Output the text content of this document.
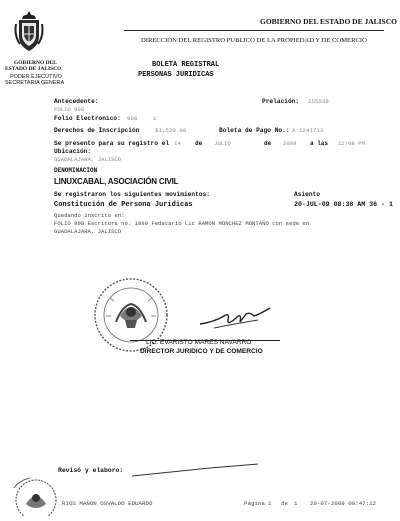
GOBIERNO DEL
ESTADO DE JALISCO
PODER EJECUTIVO
SECRETARIA GENERA
GOBIERNO DEL ESTADO DE JALISCO
DIRECCION DEL REGISTRO PUBLICO DE LA PROPIEDAD Y DE COMERCIO
BOLETA REGISTRAL
PERSONAS JURIDICAS
Antecedente:	Prelación: 255538
FOLIO 998
Folio Electronico: 998	1
Derechos de Inscripción	$1,520.00	Boleta de Pago No.: A 1241713
Se presento para su registro el 14 de JULIO	de 2009 a las 12:08 PM
Ubicación:
GUADALAJARA, JALISCO
DENOMINACION
LINUXCABAL, ASOCIACIÓN CIVIL
Se registraron los siguientes movimientos:	Asiento
Constitución de Persona Juridicas	20-JUL-09 08:38 AM 36 - 1
Quedando inscrito en:
FOLIO 998 Escritura no. 1999 Fedatario Lic RAMON MONCHEZ MONTAÑO con sede en
GUADALAJARA, JALISCO
LIC. EVARISTO MARES NAVARRO
DIRECTOR JURIDICO Y DE COMERCIO
Revisó y elaboro:
RIOS MAÑON OSVALDO EDUARDO	Página 1 de 1 20-07-2009 08:47:12
